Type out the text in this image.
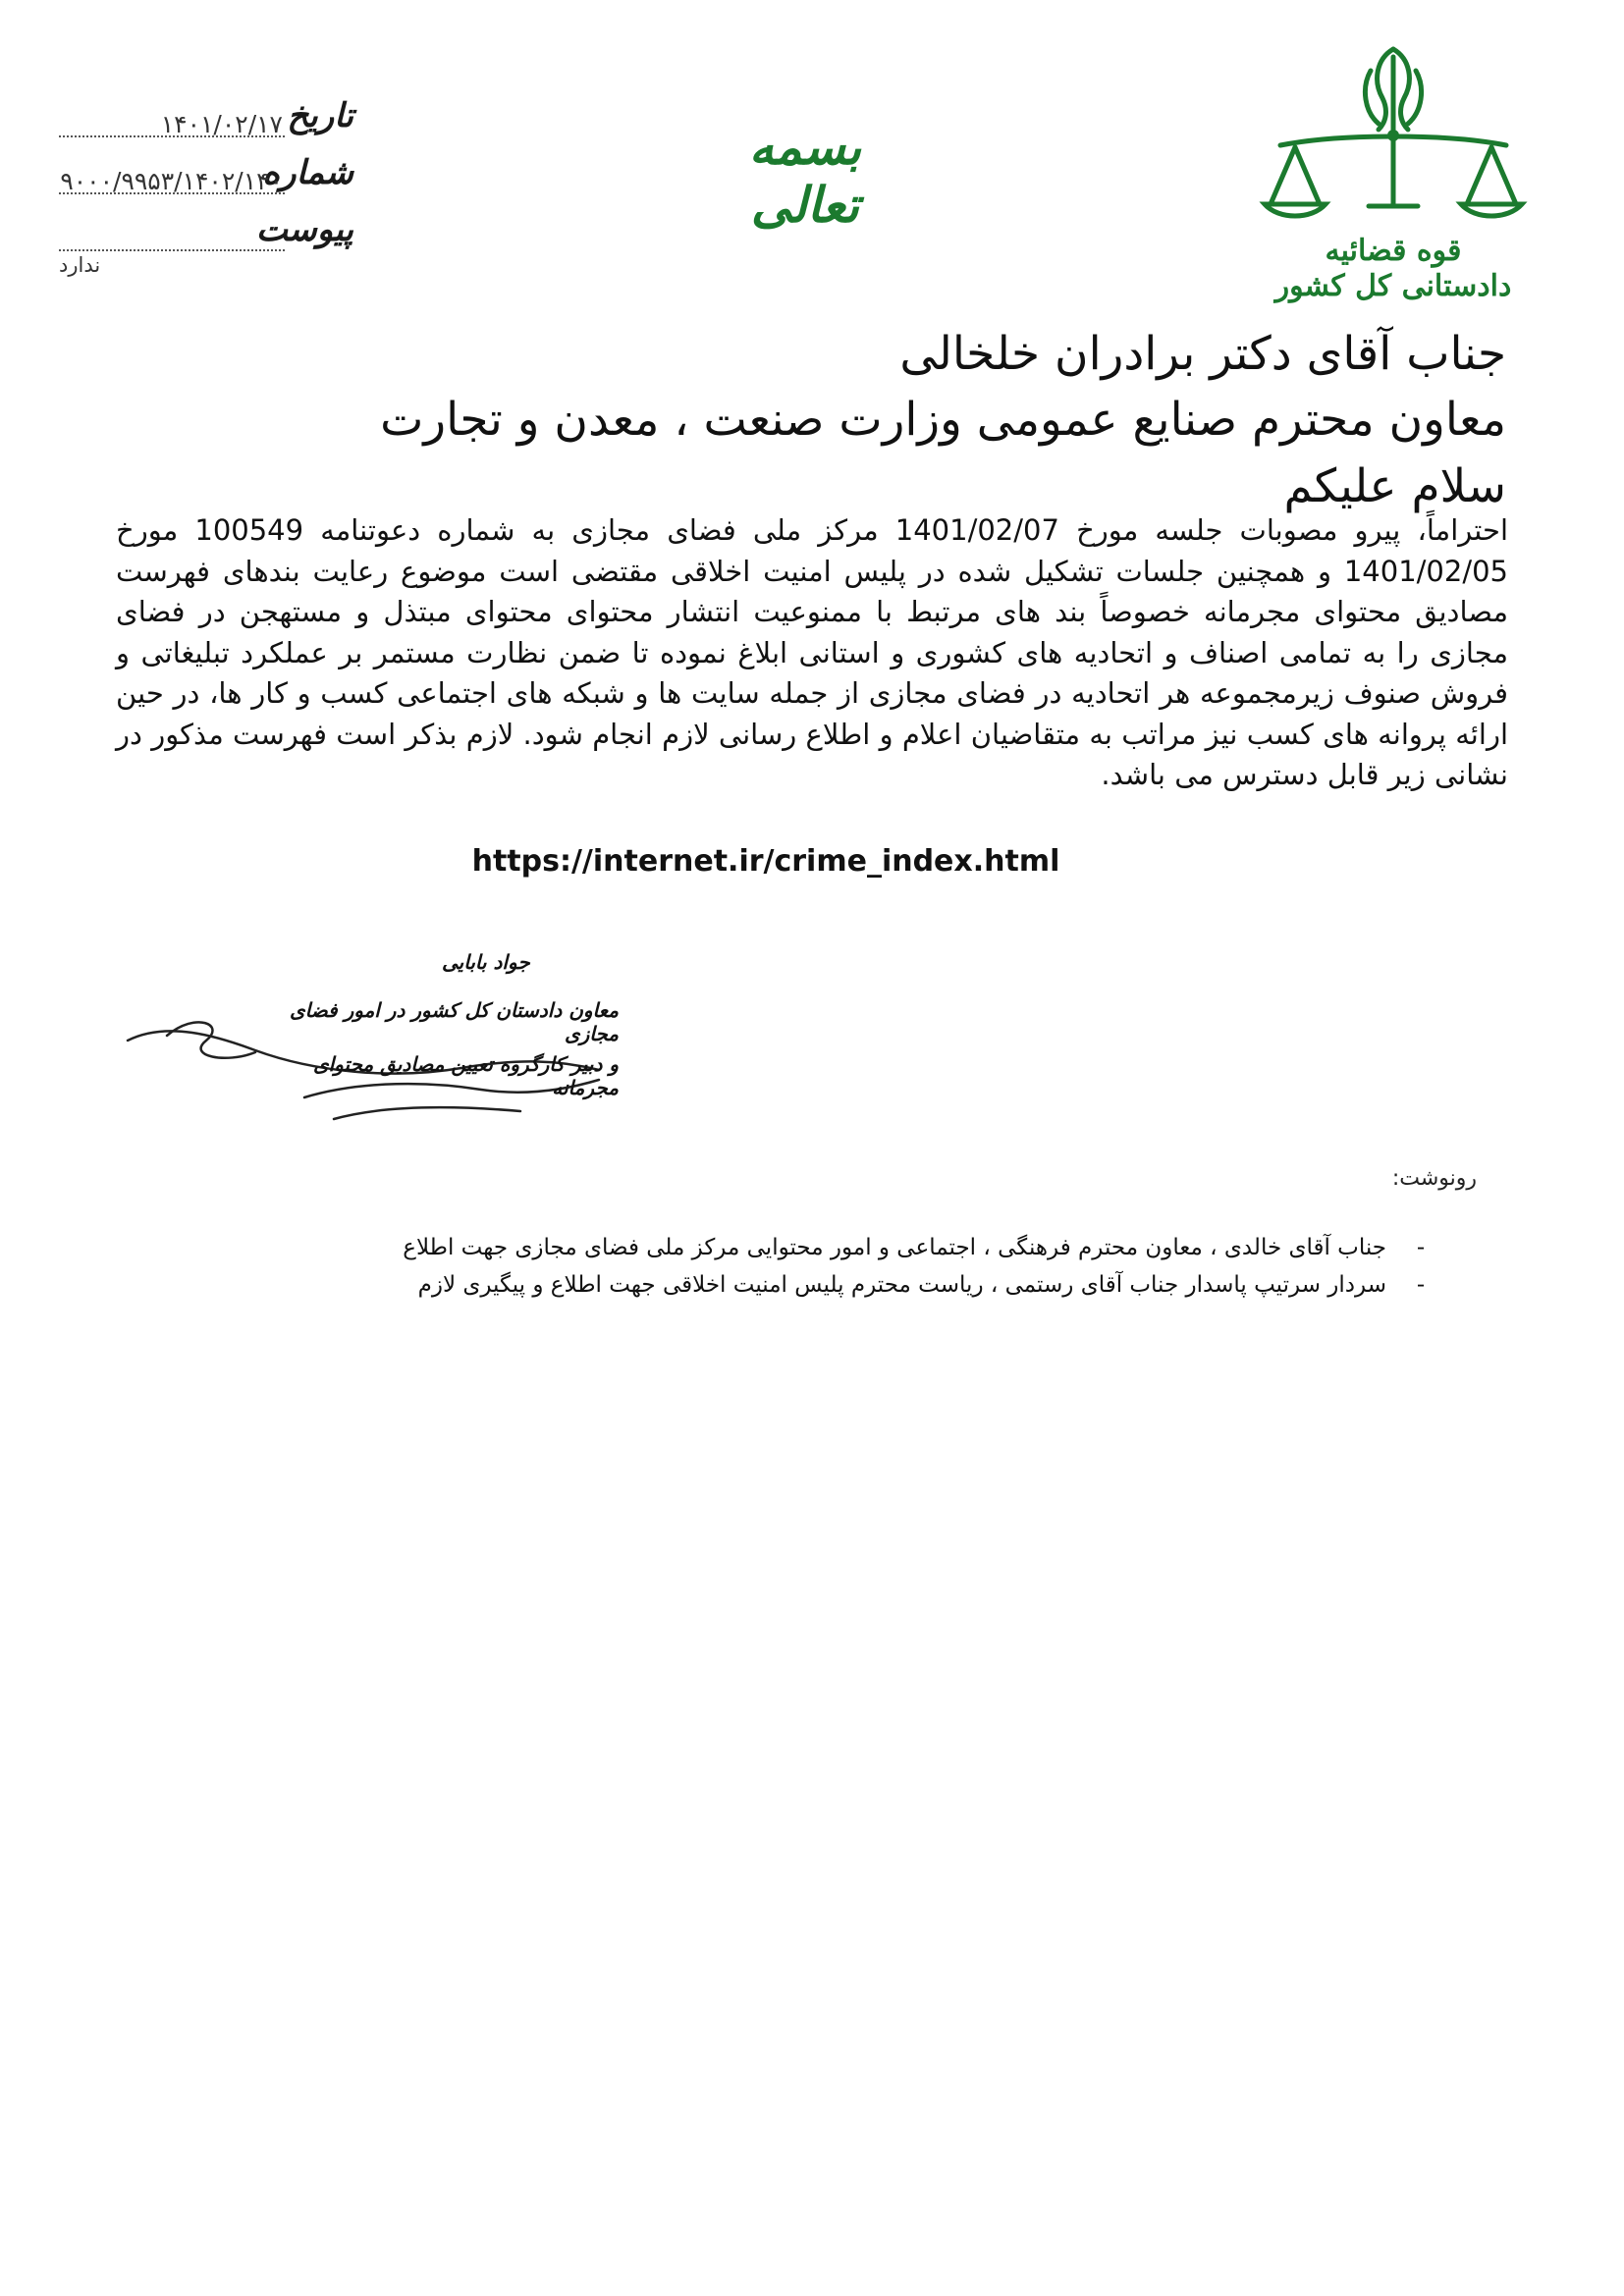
قوه قضائیه
دادستانی کل کشور
بسمه تعالی
تاریخ
۱۴۰۱/۰۲/۱۷
شماره
۹۰۰۰/۹۹۵۳/۱۴۰۲/۱۴۰
پیوست
ندارد
جناب آقای دکتر برادران خلخالی
معاون محترم صنایع عمومی وزارت صنعت ، معدن و تجارت
سلام علیکم
احتراماً، پیرو مصوبات جلسه مورخ 1401/02/07 مرکز ملی فضای مجازی به شماره دعوتنامه 100549 مورخ 1401/02/05 و همچنین جلسات تشکیل شده در پلیس امنیت اخلاقی مقتضی است موضوع رعایت بندهای فهرست مصادیق محتوای مجرمانه خصوصاً بند های مرتبط با ممنوعیت انتشار محتوای محتوای مبتذل و مستهجن در فضای مجازی را به تمامی اصناف و اتحادیه های کشوری و استانی ابلاغ نموده تا ضمن نظارت مستمر بر عملکرد تبلیغاتی و فروش صنوف زیرمجموعه هر اتحادیه در فضای مجازی از جمله سایت ها و شبکه های اجتماعی کسب و کار ها، در حین ارائه پروانه های کسب نیز مراتب به متقاضیان اعلام و اطلاع رسانی لازم انجام شود. لازم بذکر است فهرست مذکور در نشانی زیر قابل دسترس می باشد.
https://internet.ir/crime_index.html
جواد بابایی
معاون دادستان کل کشور در امور فضای مجازی
و دبیر کارگروه تعیین مصادیق محتوای مجرمانه
رونوشت:
-
جناب آقای خالدی ، معاون محترم فرهنگی ، اجتماعی و امور محتوایی مرکز ملی فضای مجازی جهت اطلاع
-
سردار سرتیپ پاسدار جناب آقای رستمی ، ریاست محترم پلیس امنیت اخلاقی جهت اطلاع و پیگیری لازم
